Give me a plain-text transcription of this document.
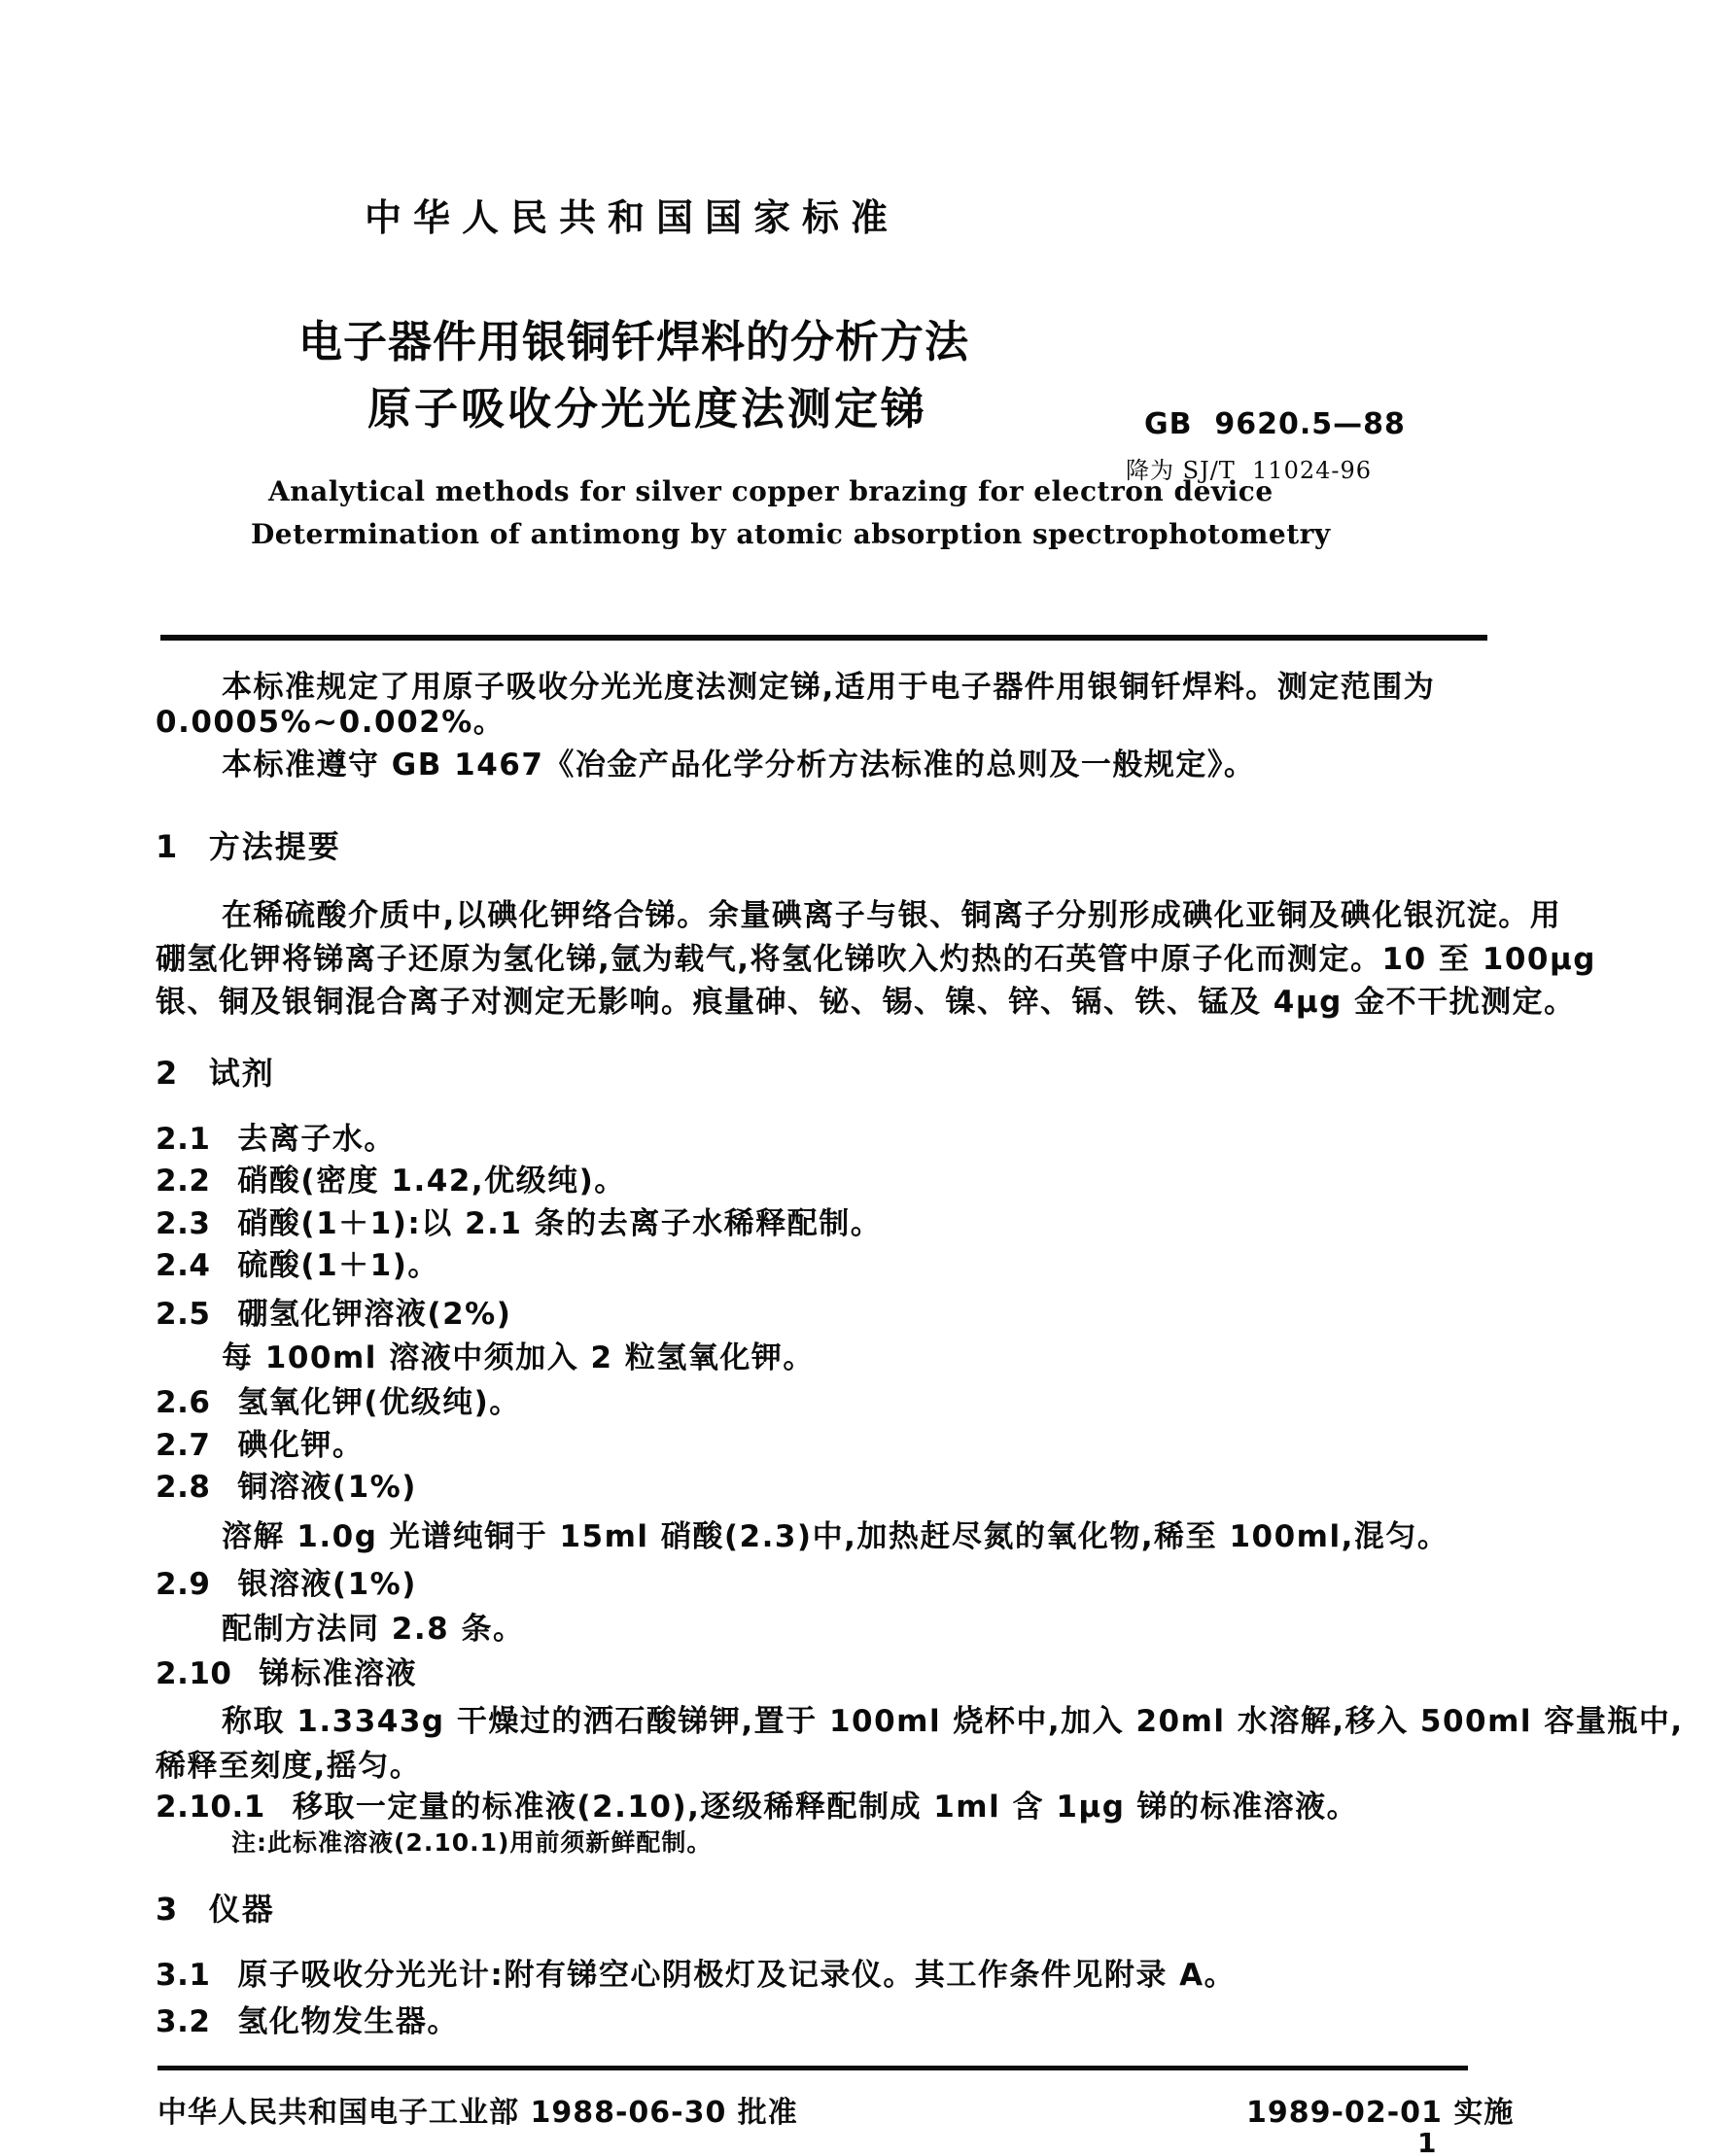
中华人民共和国国家标准
电子器件用银铜钎焊料的分析方法
原子吸收分光光度法测定锑	GB  9620.5—88
降为 SJ/T  11024-96
Analytical methods for silver copper brazing for electron device
Determination of antimong by atomic absorption spectrophotometry
本标准规定了用原子吸收分光光度法测定锑,适用于电子器件用银铜钎焊料。测定范围为
0.0005%~0.002%。
本标准遵守 GB 1467《冶金产品化学分析方法标准的总则及一般规定》。
1 方法提要
在稀硫酸介质中,以碘化钾络合锑。余量碘离子与银、铜离子分别形成碘化亚铜及碘化银沉淀。用
硼氢化钾将锑离子还原为氢化锑,氩为载气,将氢化锑吹入灼热的石英管中原子化而测定。10 至 100μg
银、铜及银铜混合离子对测定无影响。痕量砷、铋、锡、镍、锌、镉、铁、锰及 4μg 金不干扰测定。
2 试剂
2.1 去离子水。
2.2 硝酸(密度 1.42,优级纯)。
2.3 硝酸(1＋1):以 2.1 条的去离子水稀释配制。
2.4 硫酸(1＋1)。
2.5 硼氢化钾溶液(2%)
每 100ml 溶液中须加入 2 粒氢氧化钾。
2.6 氢氧化钾(优级纯)。
2.7 碘化钾。
2.8 铜溶液(1%)
溶解 1.0g 光谱纯铜于 15ml 硝酸(2.3)中,加热赶尽氮的氧化物,稀至 100ml,混匀。
2.9 银溶液(1%)
配制方法同 2.8 条。
2.10 锑标准溶液
称取 1.3343g 干燥过的洒石酸锑钾,置于 100ml 烧杯中,加入 20ml 水溶解,移入 500ml 容量瓶中,
稀释至刻度,摇匀。
2.10.1 移取一定量的标准液(2.10),逐级稀释配制成 1ml 含 1μg 锑的标准溶液。
注:此标准溶液(2.10.1)用前须新鲜配制。
3 仪器
3.1 原子吸收分光光计:附有锑空心阴极灯及记录仪。其工作条件见附录 A。
3.2 氢化物发生器。
中华人民共和国电子工业部 1988-06-30 批准	1989-02-01 实施
1
